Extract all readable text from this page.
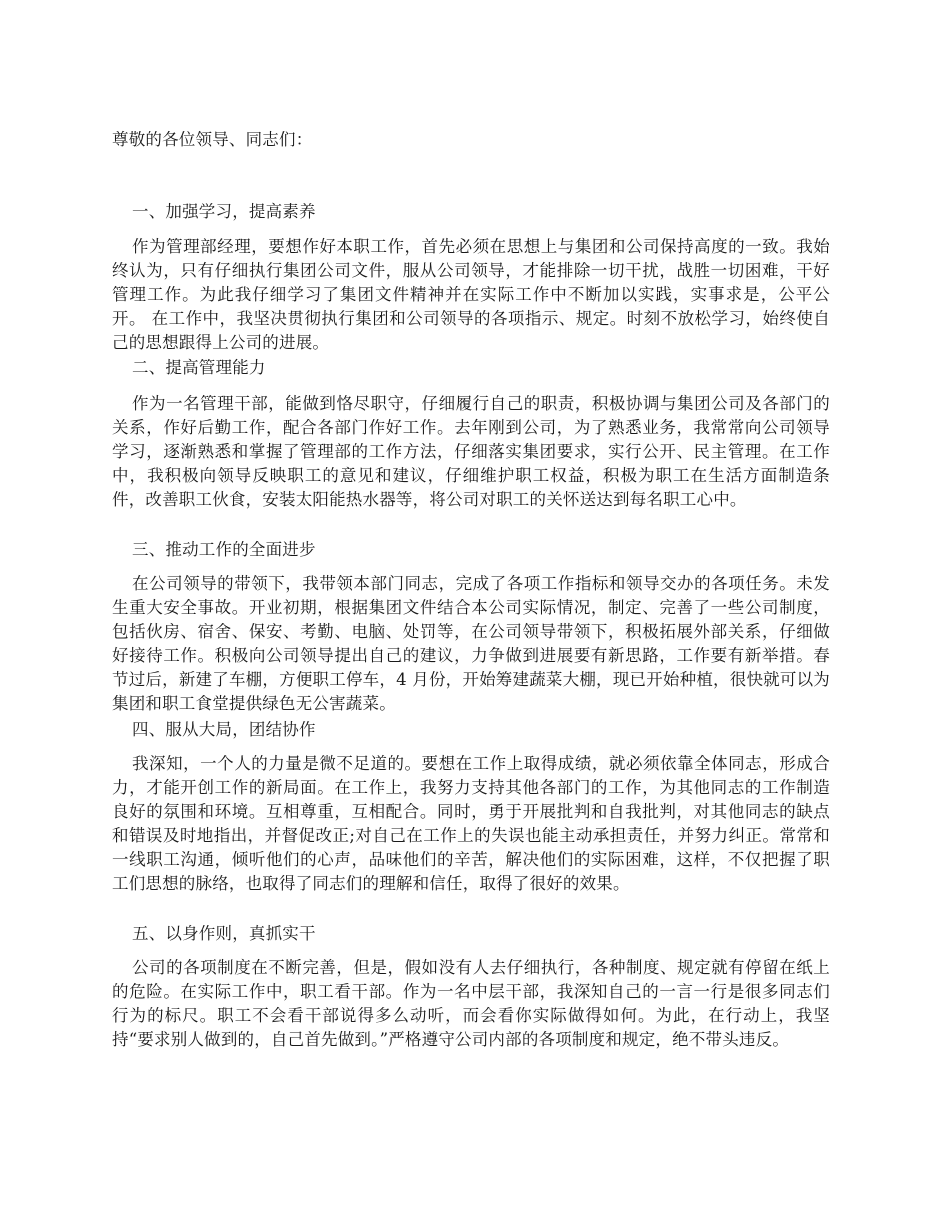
尊敬的各位领导、同志们：
一、加强学习，提高素养
作为管理部经理，要想作好本职工作，首先必须在思想上与集团和公司保持高度的一致。我始终认为，只有仔细执行集团公司文件，服从公司领导，才能排除一切干扰，战胜一切困难，干好管理工作。为此我仔细学习了集团文件精神并在实际工作中不断加以实践，实事求是，公平公开。 在工作中，我坚决贯彻执行集团和公司领导的各项指示、规定。时刻不放松学习，始终使自己的思想跟得上公司的进展。
二、提高管理能力
作为一名管理干部，能做到恪尽职守，仔细履行自己的职责，积极协调与集团公司及各部门的关系，作好后勤工作，配合各部门作好工作。去年刚到公司，为了熟悉业务，我常常向公司领导学习，逐渐熟悉和掌握了管理部的工作方法，仔细落实集团要求，实行公开、民主管理。在工作中，我积极向领导反映职工的意见和建议，仔细维护职工权益，积极为职工在生活方面制造条件，改善职工伙食，安装太阳能热水器等，将公司对职工的关怀送达到每名职工心中。
三、推动工作的全面进步
在公司领导的带领下，我带领本部门同志，完成了各项工作指标和领导交办的各项任务。未发生重大安全事故。开业初期，根据集团文件结合本公司实际情况，制定、完善了一些公司制度，包括伙房、宿舍、保安、考勤、电脑、处罚等，在公司领导带领下，积极拓展外部关系，仔细做好接待工作。积极向公司领导提出自己的建议，力争做到进展要有新思路，工作要有新举措。春节过后，新建了车棚，方便职工停车，4 月份，开始筹建蔬菜大棚，现已开始种植，很快就可以为集团和职工食堂提供绿色无公害蔬菜。
四、服从大局，团结协作
我深知，一个人的力量是微不足道的。要想在工作上取得成绩，就必须依靠全体同志，形成合力，才能开创工作的新局面。在工作上，我努力支持其他各部门的工作，为其他同志的工作制造良好的氛围和环境。互相尊重，互相配合。同时，勇于开展批判和自我批判，对其他同志的缺点和错误及时地指出，并督促改正;对自己在工作上的失误也能主动承担责任，并努力纠正。常常和一线职工沟通，倾听他们的心声，品味他们的辛苦，解决他们的实际困难，这样，不仅把握了职工们思想的脉络，也取得了同志们的理解和信任，取得了很好的效果。
五、以身作则，真抓实干
公司的各项制度在不断完善，但是，假如没有人去仔细执行，各种制度、规定就有停留在纸上的危险。在实际工作中，职工看干部。作为一名中层干部，我深知自己的一言一行是很多同志们行为的标尺。职工不会看干部说得多么动听，而会看你实际做得如何。为此，在行动上，我坚持“要求别人做到的，自己首先做到。”严格遵守公司内部的各项制度和规定，绝不带头违反。
